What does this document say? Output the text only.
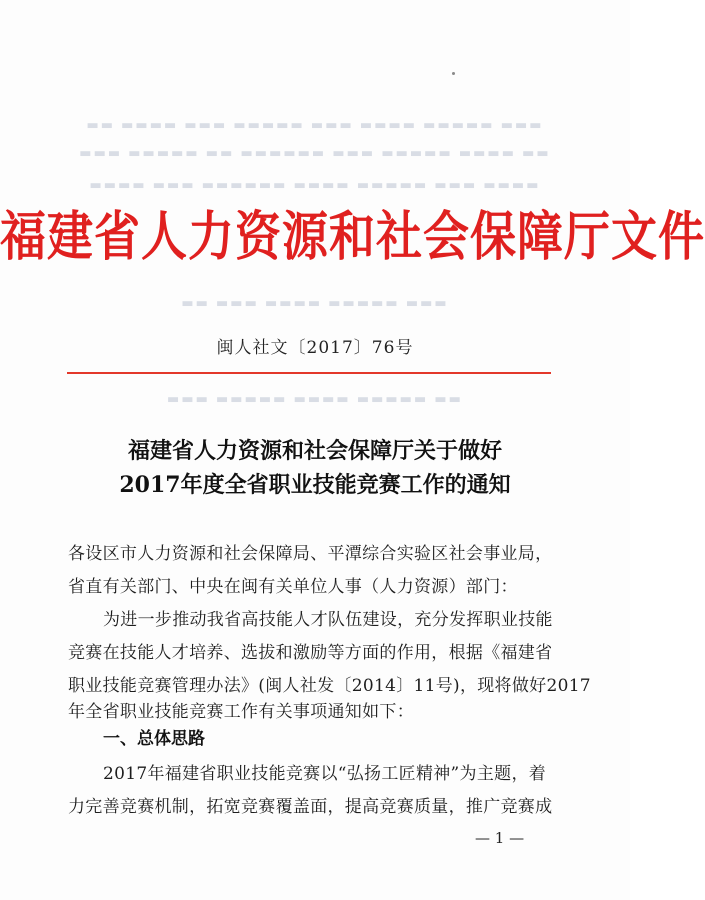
▬▬ ▬▬▬▬ ▬▬▬ ▬▬▬▬▬ ▬▬▬ ▬▬▬▬ ▬▬▬▬▬ ▬▬▬
▬▬▬ ▬▬▬▬▬ ▬▬ ▬▬▬▬▬▬ ▬▬▬ ▬▬▬▬▬ ▬▬▬▬ ▬▬
▬▬▬▬ ▬▬▬ ▬▬▬▬▬▬ ▬▬▬▬ ▬▬▬▬▬ ▬▬▬ ▬▬▬▬
▬▬ ▬▬▬ ▬▬▬▬ ▬▬▬▬▬ ▬▬▬
▬▬▬ ▬▬▬▬▬ ▬▬▬▬ ▬▬▬▬▬ ▬▬
福建省人力资源和社会保障厅文件
闽人社文〔2017〕76号
福建省人力资源和社会保障厅关于做好
2017年度全省职业技能竞赛工作的通知
各设区市人力资源和社会保障局、平潭综合实验区社会事业局，
省直有关部门、中央在闽有关单位人事（人力资源）部门：
为进一步推动我省高技能人才队伍建设，充分发挥职业技能
竞赛在技能人才培养、选拔和激励等方面的作用，根据《福建省
职业技能竞赛管理办法》(闽人社发〔2014〕11号)，现将做好2017
年全省职业技能竞赛工作有关事项通知如下：
一、总体思路
2017年福建省职业技能竞赛以“弘扬工匠精神”为主题，着
力完善竞赛机制，拓宽竞赛覆盖面，提高竞赛质量，推广竞赛成
— 1 —
